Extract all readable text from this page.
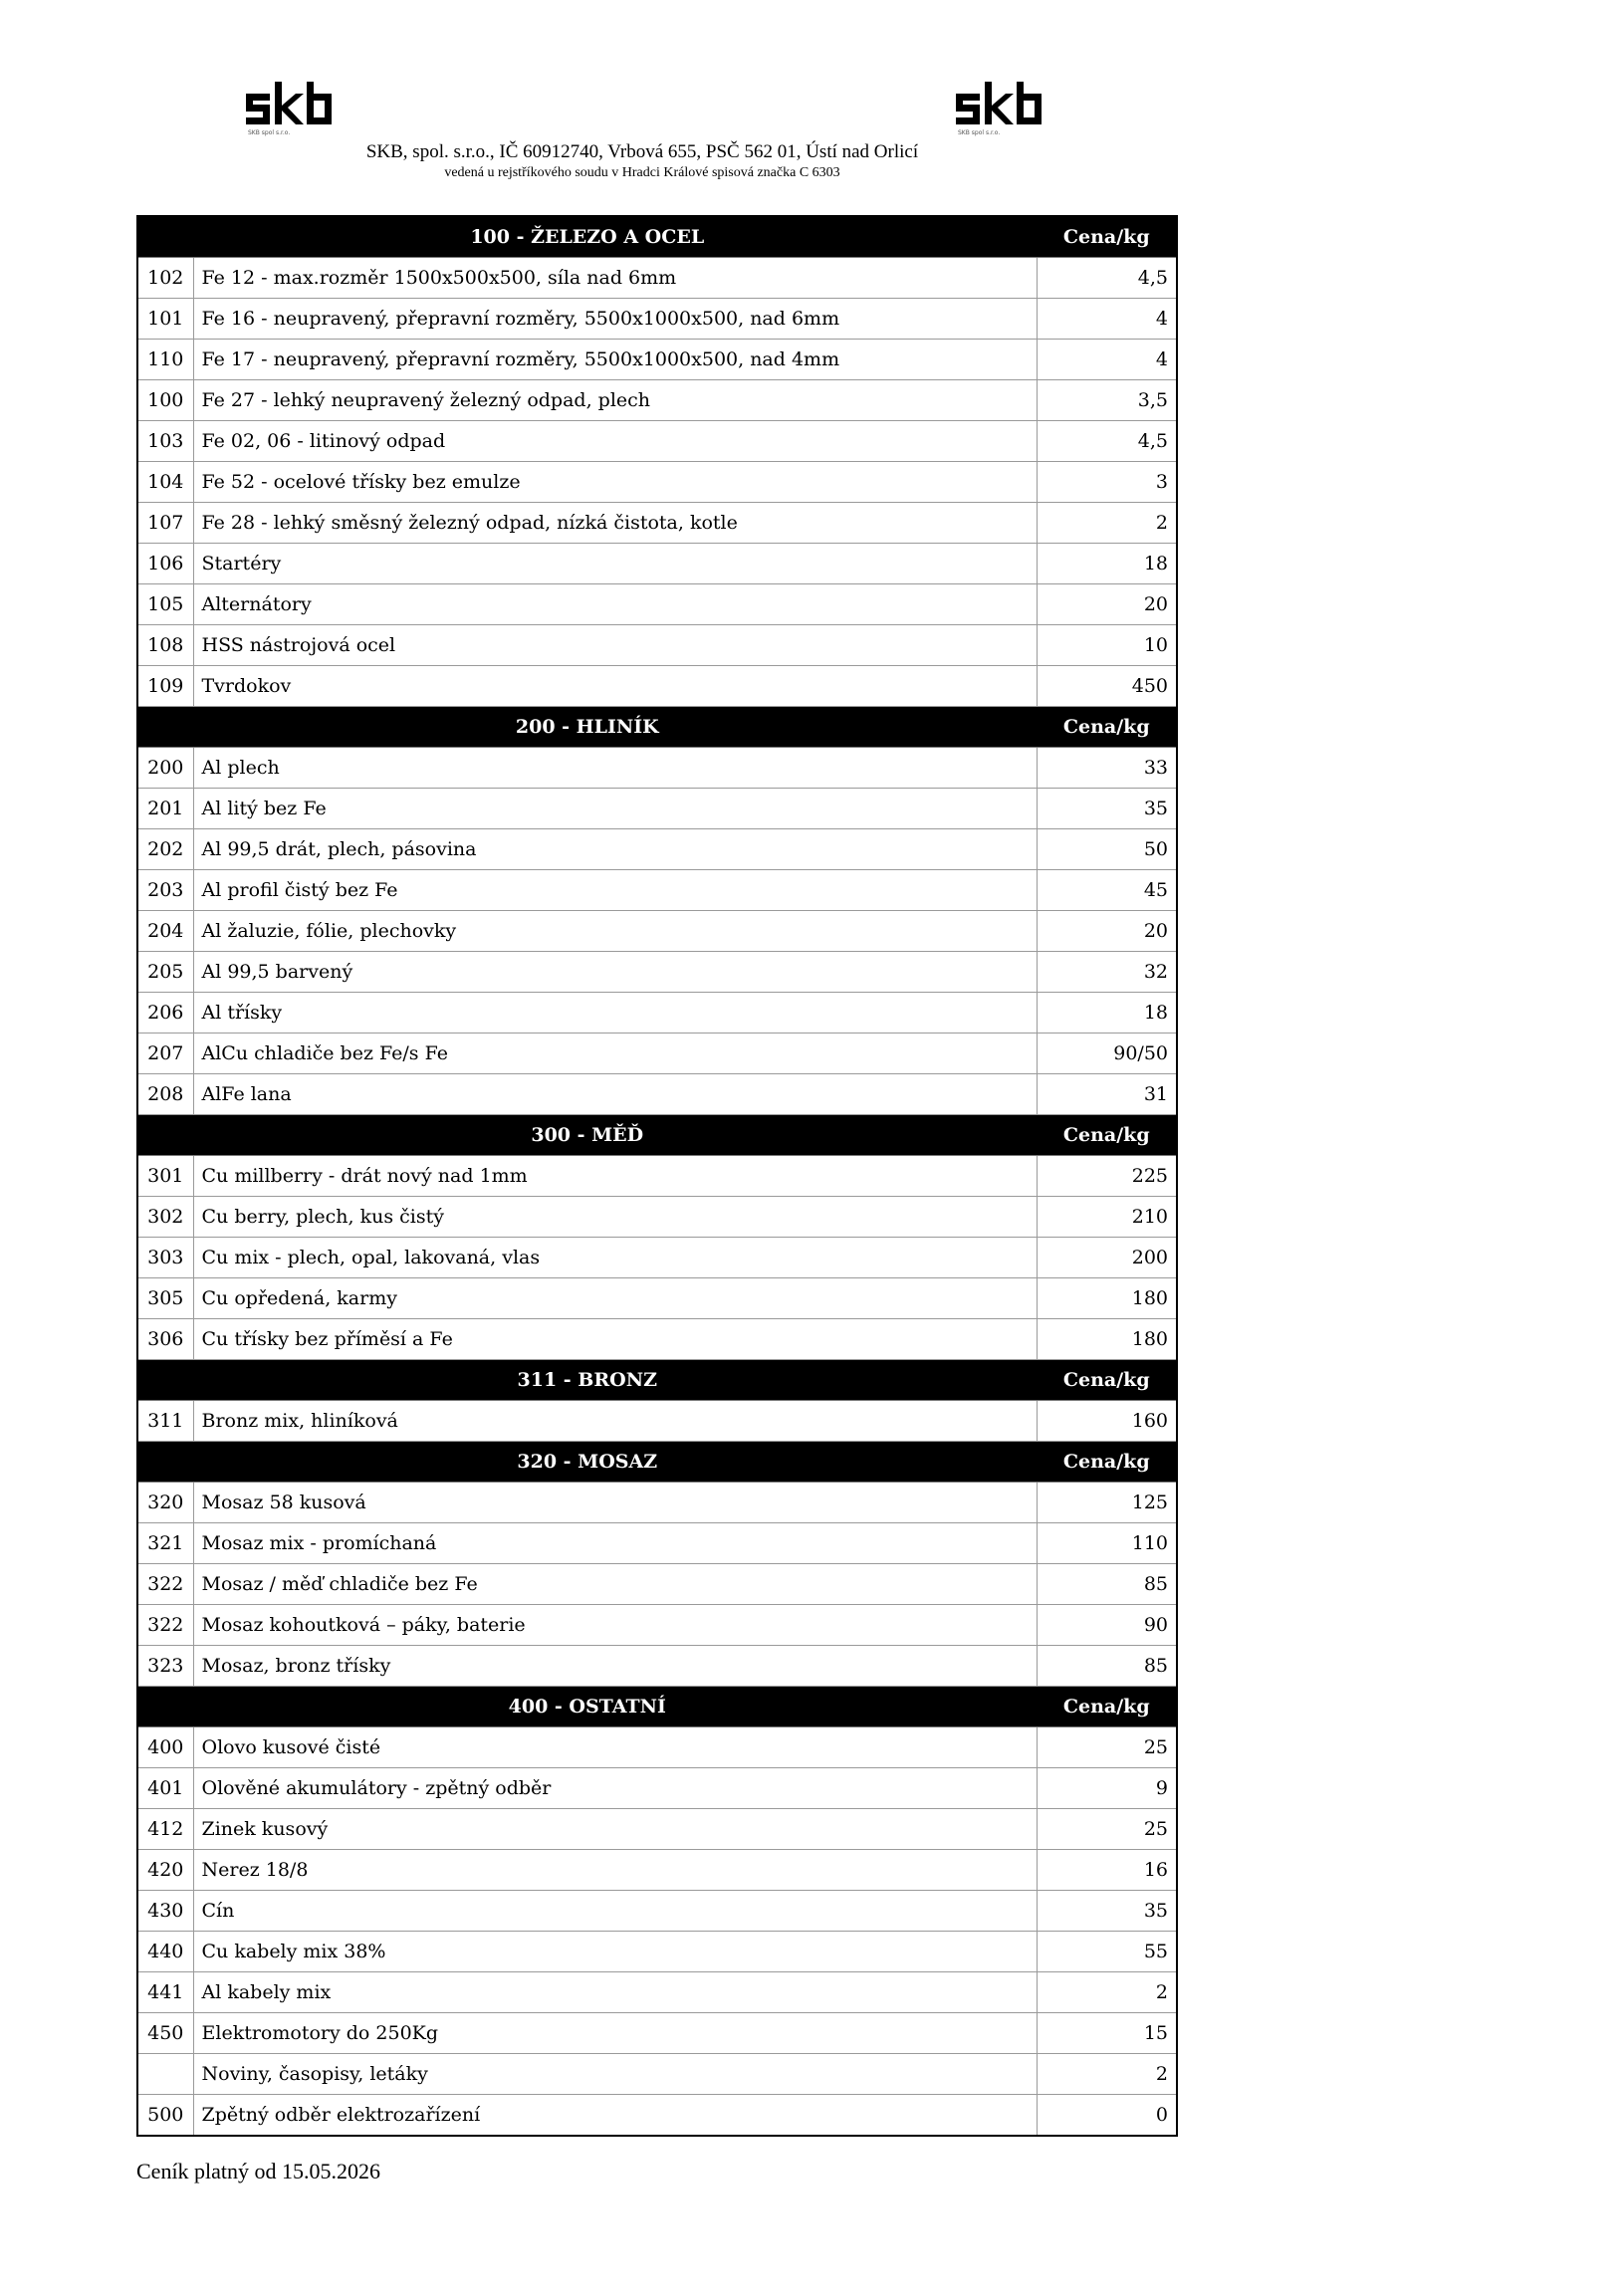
SKB spol s.r.o.	SKB spol s.r.o.
SKB, spol. s.r.o., IČ 60912740, Vrbová 655, PSČ 562 01, Ústí nad Orlicí
vedená u rejstříkového soudu v Hradci Králové spisová značka C 6303
100 - ŽELEZO A OCEL		Cena/kg
102	Fe 12 - max.rozměr 1500x500x500, síla nad 6mm	4,5
101	Fe 16 - neupravený, přepravní rozměry, 5500x1000x500, nad 6mm	4
110	Fe 17 - neupravený, přepravní rozměry, 5500x1000x500, nad 4mm	4
100	Fe 27 - lehký neupravený železný odpad, plech	3,5
103	Fe 02, 06 - litinový odpad	4,5
104	Fe 52 - ocelové třísky bez emulze	3
107	Fe 28 - lehký směsný železný odpad, nízká čistota, kotle	2
106	Startéry	18
105	Alternátory	20
108	HSS nástrojová ocel	10
109	Tvrdokov	450
200 - HLINÍK		Cena/kg
200	Al plech	33
201	Al litý bez Fe	35
202	Al 99,5 drát, plech, pásovina	50
203	Al profil čistý bez Fe	45
204	Al žaluzie, fólie, plechovky	20
205	Al 99,5 barvený	32
206	Al třísky	18
207	AlCu chladiče bez Fe/s Fe	90/50
208	AlFe lana	31
300 - MĚĎ		Cena/kg
301	Cu millberry - drát nový nad 1mm	225
302	Cu berry, plech, kus čistý	210
303	Cu mix - plech, opal, lakovaná, vlas	200
305	Cu opředená, karmy	180
306	Cu třísky bez příměsí a Fe	180
311 - BRONZ		Cena/kg
311	Bronz mix, hliníková	160
320 - MOSAZ		Cena/kg
320	Mosaz 58 kusová	125
321	Mosaz mix - promíchaná	110
322	Mosaz / měď chladiče bez Fe	85
322	Mosaz kohoutková – páky, baterie	90
323	Mosaz, bronz třísky	85
400 - OSTATNÍ		Cena/kg
400	Olovo kusové čisté	25
401	Olověné akumulátory - zpětný odběr	9
412	Zinek kusový	25
420	Nerez 18/8	16
430	Cín	35
440	Cu kabely mix 38%	55
441	Al kabely mix	2
450	Elektromotory do 250Kg	15
	Noviny, časopisy, letáky	2
500	Zpětný odběr elektrozařízení	0
Ceník platný od 15.05.2026
